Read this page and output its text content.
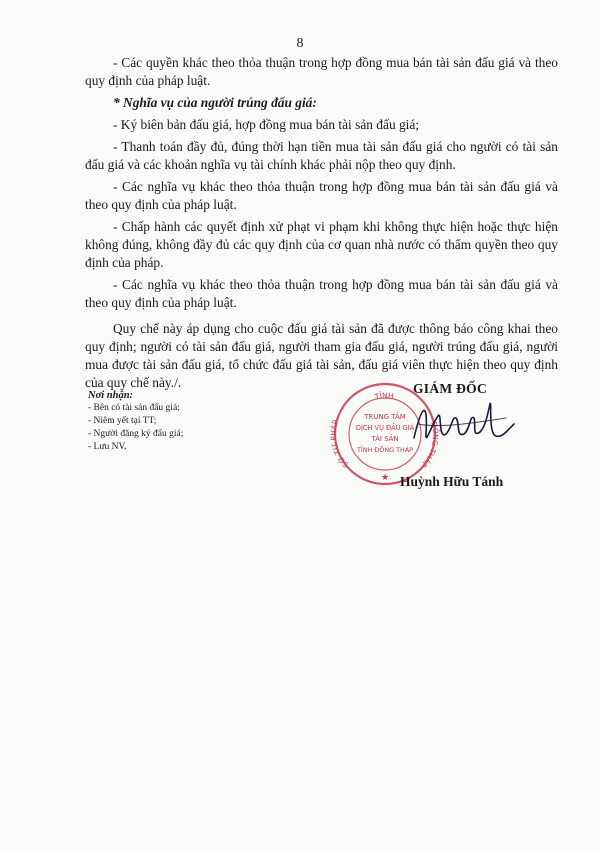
8

- Các quyền khác theo thỏa thuận trong hợp đồng mua bán tài sản đấu giá và theo quy định của pháp luật.

* Nghĩa vụ của người trúng đấu giá:

- Ký biên bản đấu giá, hợp đồng mua bán tài sản đấu giá;

- Thanh toán đầy đủ, đúng thời hạn tiền mua tài sản đấu giá cho người có tài sản đấu giá và các khoản nghĩa vụ tài chính khác phải nộp theo quy định.

- Các nghĩa vụ khác theo thỏa thuận trong hợp đồng mua bán tài sản đấu giá và theo quy định của pháp luật.

- Chấp hành các quyết định xử phạt vi phạm khi không thực hiện hoặc thực hiện không đúng, không đầy đủ các quy định của cơ quan nhà nước có thẩm quyền theo quy định của pháp.

- Các nghĩa vụ khác theo thỏa thuận trong hợp đồng mua bán tài sản đấu giá và theo quy định của pháp luật.

Quy chế này áp dụng cho cuộc đấu giá tài sản đã được thông báo công khai theo quy định; người có tài sản đấu giá, người tham gia đấu giá, người trúng đấu giá, người mua được tài sản đấu giá, tổ chức đấu giá tài sản, đấu giá viên thực hiện theo quy định của quy chế này./.

Nơi nhận:
- Bên có tài sản đấu giá;
- Niêm yết tại TT;
- Người đăng ký đấu giá;
- Lưu NV.
TỈNH
SỞ TƯ PHÁP	ĐỒNG THÁP
TRUNG TÂM
DỊCH VỤ ĐẤU GIÁ
TÀI SẢN
TỈNH ĐỒNG THÁP
★
GIÁM ĐỐC
Huỳnh Hữu Tánh
